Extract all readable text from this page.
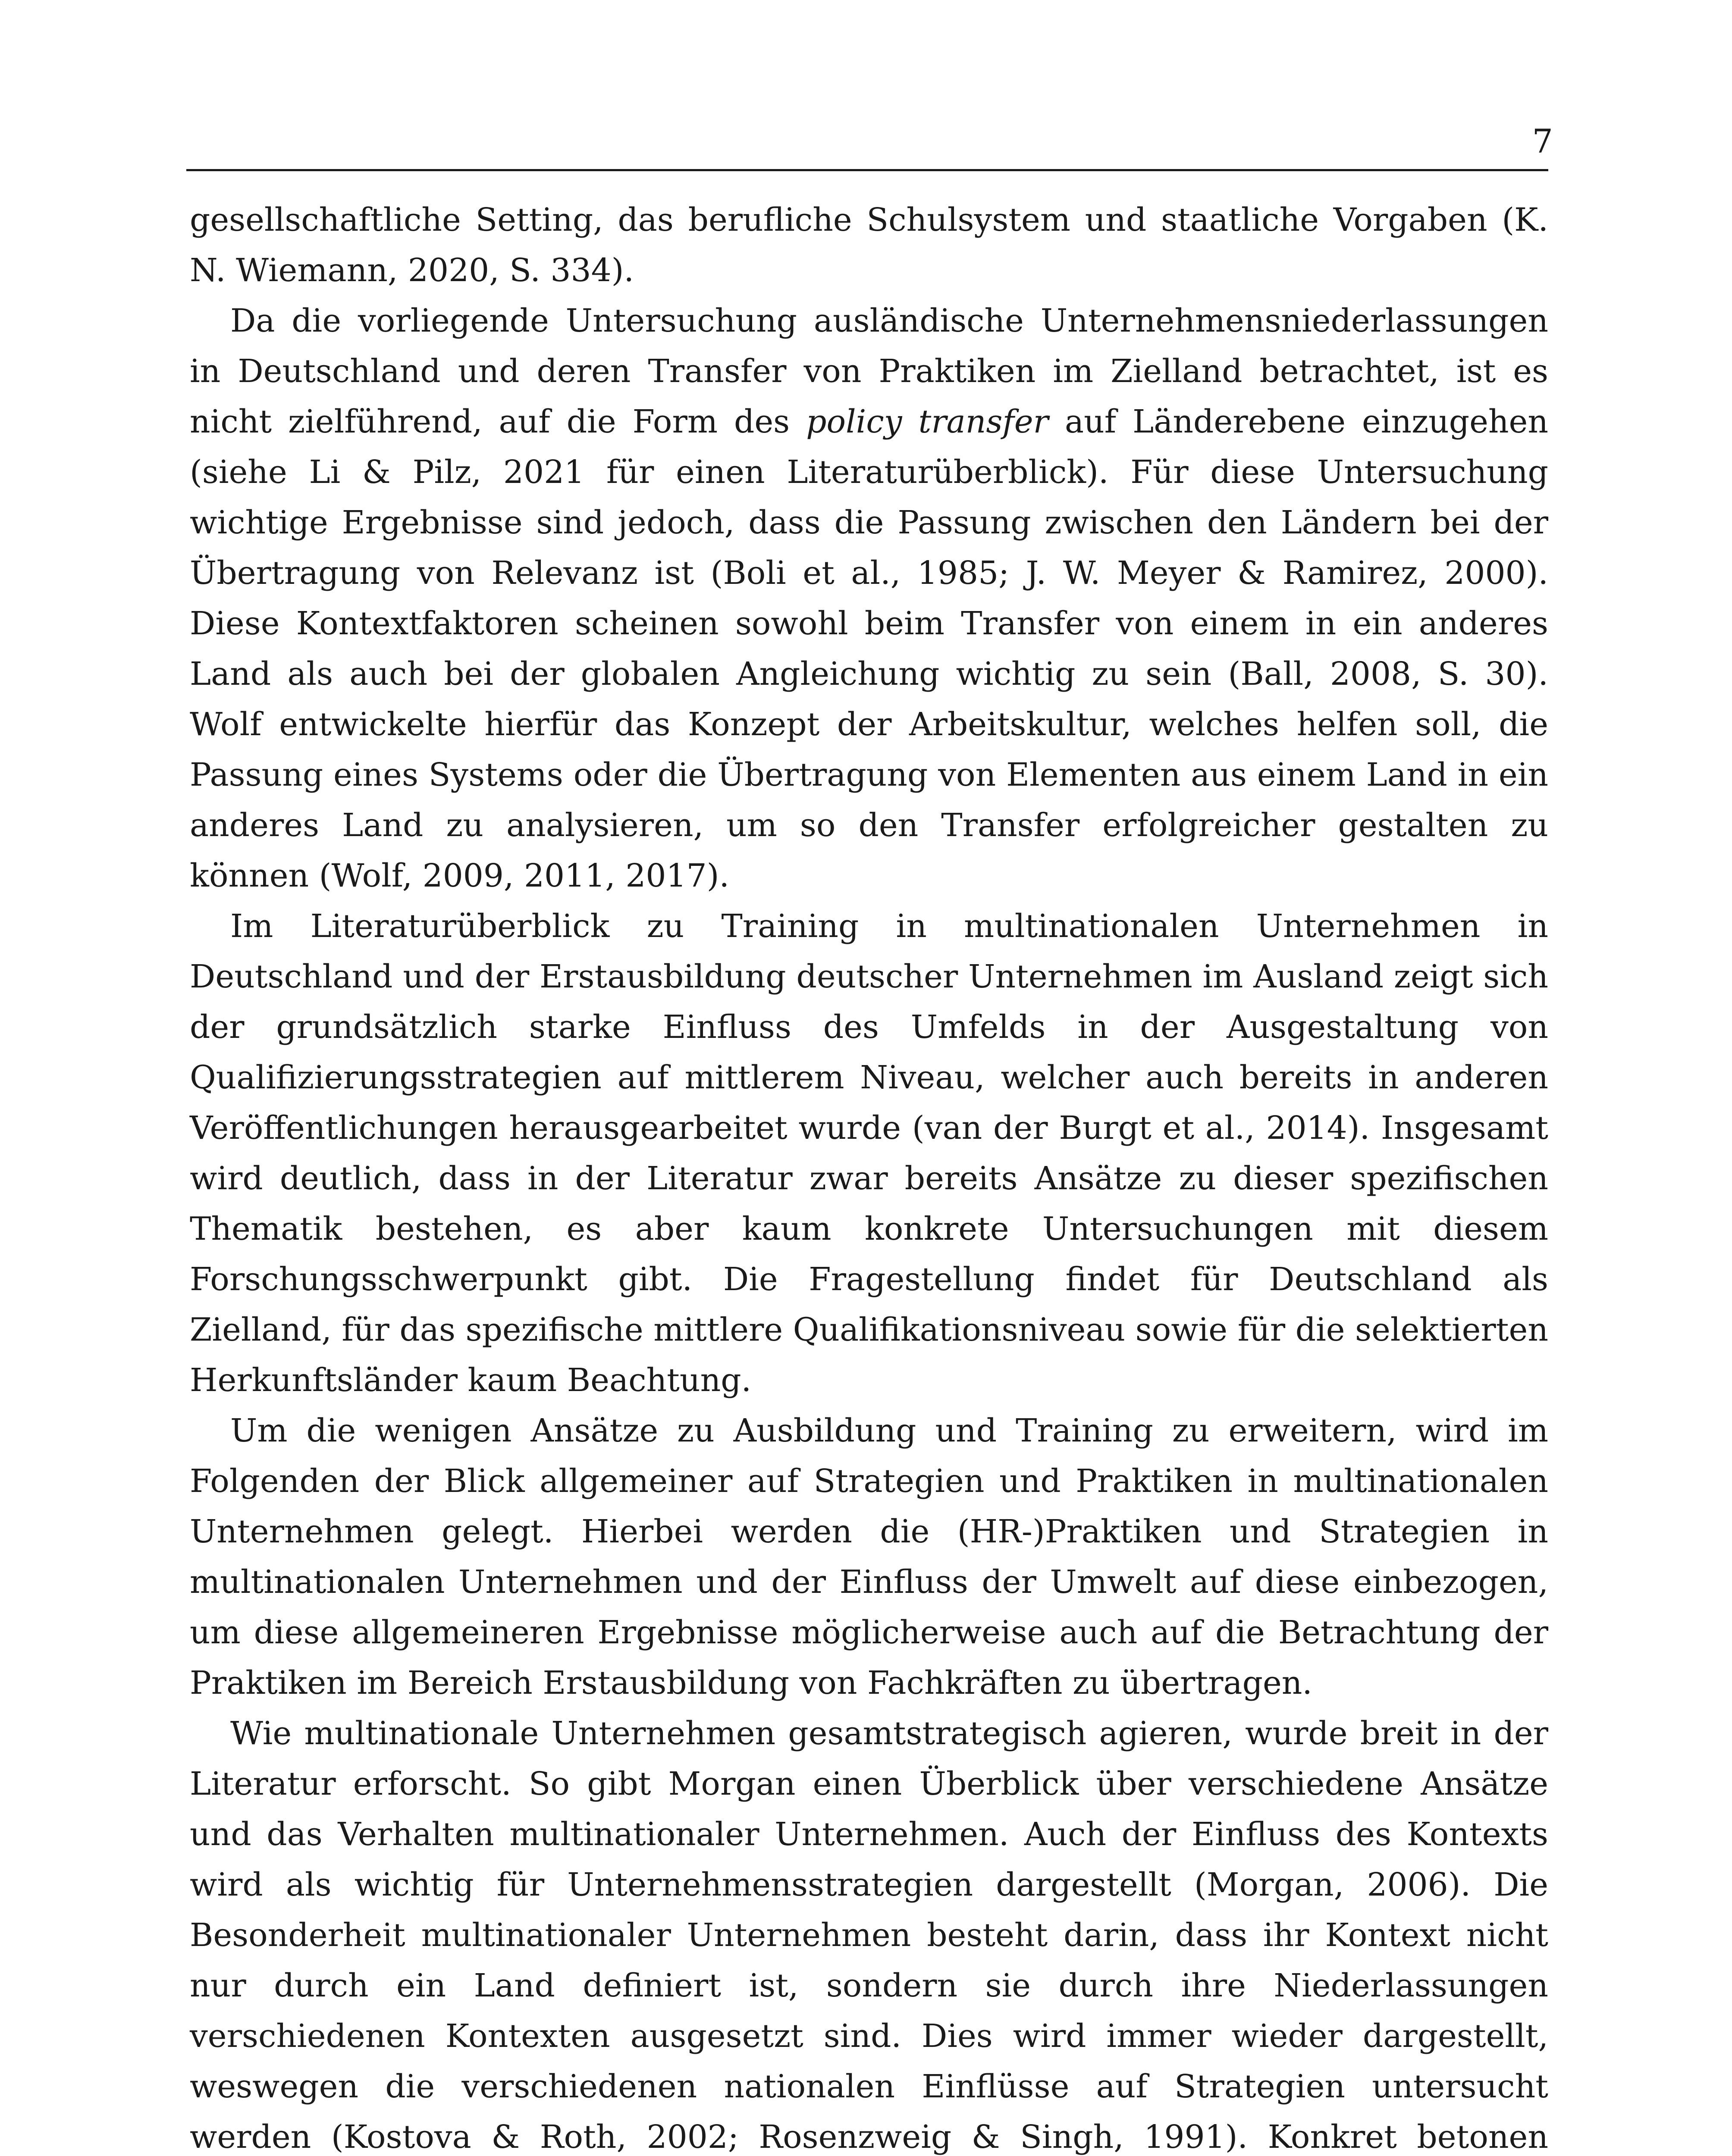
7

gesellschaftliche Setting, das berufliche Schulsystem und staatliche Vorgaben (K. N. Wiemann, 2020, S. 334).

Da die vorliegende Untersuchung ausländische Unternehmensniederlassungen in Deutschland und deren Transfer von Praktiken im Zielland betrachtet, ist es nicht zielführend, auf die Form des policy transfer auf Länderebene einzugehen (siehe Li & Pilz, 2021 für einen Literaturüberblick). Für diese Untersuchung wichtige Ergebnisse sind jedoch, dass die Passung zwischen den Ländern bei der Übertragung von Relevanz ist (Boli et al., 1985; J. W. Meyer & Ramirez, 2000). Diese Kontextfaktoren scheinen sowohl beim Transfer von einem in ein anderes Land als auch bei der globalen Angleichung wichtig zu sein (Ball, 2008, S. 30). Wolf entwickelte hierfür das Konzept der Arbeitskultur, welches helfen soll, die Passung eines Systems oder die Übertragung von Elementen aus einem Land in ein anderes Land zu analysieren, um so den Transfer erfolgreicher gestalten zu können (Wolf, 2009, 2011, 2017).

Im Literaturüberblick zu Training in multinationalen Unternehmen in Deutschland und der Erstausbildung deutscher Unternehmen im Ausland zeigt sich der grundsätzlich starke Einfluss des Umfelds in der Ausgestaltung von Qualifizierungsstrategien auf mittlerem Niveau, welcher auch bereits in anderen Veröffentlichungen herausgearbeitet wurde (van der Burgt et al., 2014). Insgesamt wird deutlich, dass in der Literatur zwar bereits Ansätze zu dieser spezifischen Thematik bestehen, es aber kaum konkrete Untersuchungen mit diesem Forschungsschwerpunkt gibt. Die Fragestellung findet für Deutschland als Zielland, für das spezifische mittlere Qualifikationsniveau sowie für die selektierten Herkunftsländer kaum Beachtung.

Um die wenigen Ansätze zu Ausbildung und Training zu erweitern, wird im Folgenden der Blick allgemeiner auf Strategien und Praktiken in multinationalen Unternehmen gelegt. Hierbei werden die (HR-)Praktiken und Strategien in multinationalen Unternehmen und der Einfluss der Umwelt auf diese einbezogen, um diese allgemeineren Ergebnisse möglicherweise auch auf die Betrachtung der Praktiken im Bereich Erstausbildung von Fachkräften zu übertragen.

Wie multinationale Unternehmen gesamtstrategisch agieren, wurde breit in der Literatur erforscht. So gibt Morgan einen Überblick über verschiedene Ansätze und das Verhalten multinationaler Unternehmen. Auch der Einfluss des Kontexts wird als wichtig für Unternehmensstrategien dargestellt (Morgan, 2006). Die Besonderheit multinationaler Unternehmen besteht darin, dass ihr Kontext nicht nur durch ein Land definiert ist, sondern sie durch ihre Niederlassungen verschiedenen Kontexten ausgesetzt sind. Dies wird immer wieder dargestellt, weswegen die verschiedenen nationalen Einflüsse auf Strategien untersucht werden (Kostova & Roth, 2002; Rosenzweig & Singh, 1991). Konkret betonen
